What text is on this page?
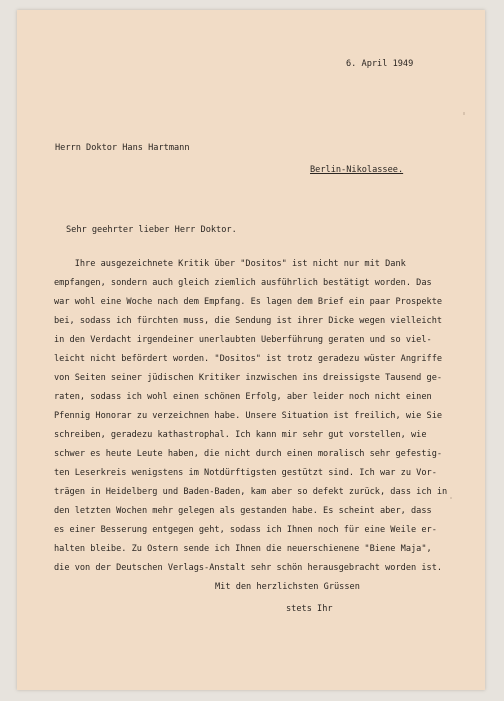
6. April 1949
Herrn Doktor Hans Hartmann
Berlin-Nikolassee.
Sehr geehrter lieber Herr Doktor.
Ihre ausgezeichnete Kritik über "Dositos" ist nicht nur mit Dank
empfangen, sondern auch gleich ziemlich ausführlich bestätigt worden. Das
war wohl eine Woche nach dem Empfang. Es lagen dem Brief ein paar Prospekte
bei, sodass ich fürchten muss, die Sendung ist ihrer Dicke wegen vielleicht
in den Verdacht irgendeiner unerlaubten Ueberführung geraten und so viel-
leicht nicht befördert worden. "Dositos" ist trotz geradezu wüster Angriffe
von Seiten seiner jüdischen Kritiker inzwischen ins dreissigste Tausend ge-
raten, sodass ich wohl einen schönen Erfolg, aber leider noch nicht einen
Pfennig Honorar zu verzeichnen habe. Unsere Situation ist freilich, wie Sie
schreiben, geradezu kathastrophal. Ich kann mir sehr gut vorstellen, wie
schwer es heute Leute haben, die nicht durch einen moralisch sehr gefestig-
ten Leserkreis wenigstens im Notdürftigsten gestützt sind. Ich war zu Vor-
trägen in Heidelberg und Baden-Baden, kam aber so defekt zurück, dass ich in
den letzten Wochen mehr gelegen als gestanden habe. Es scheint aber, dass
es einer Besserung entgegen geht, sodass ich Ihnen noch für eine Weile er-
halten bleibe. Zu Ostern sende ich Ihnen die neuerschienene "Biene Maja",
die von der Deutschen Verlags-Anstalt sehr schön herausgebracht worden ist.
Mit den herzlichsten Grüssen
stets Ihr
